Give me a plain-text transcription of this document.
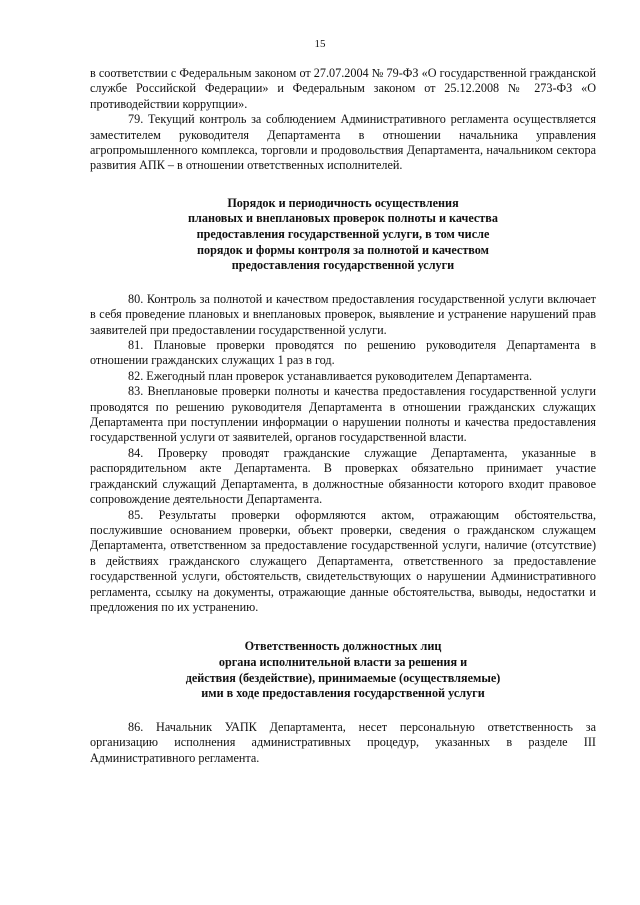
15

в соответствии с Федеральным законом от 27.07.2004 № 79-ФЗ «О государственной гражданской службе Российской Федерации» и Федеральным законом от 25.12.2008 № 273-ФЗ «О противодействии коррупции».

79. Текущий контроль за соблюдением Административного регламента осуществляется заместителем руководителя Департамента в отношении начальника управления агропромышленного комплекса, торговли и продовольствия Департамента, начальником сектора развития АПК – в отношении ответственных исполнителей.

Порядок и периодичность осуществления
плановых и внеплановых проверок полноты и качества
предоставления государственной услуги, в том числе
порядок и формы контроля за полнотой и качеством
предоставления государственной услуги

80. Контроль за полнотой и качеством предоставления государственной услуги включает в себя проведение плановых и внеплановых проверок, выявление и устранение нарушений прав заявителей при предоставлении государственной услуги.

81. Плановые проверки проводятся по решению руководителя Департамента в отношении гражданских служащих 1 раз в год.

82. Ежегодный план проверок устанавливается руководителем Департамента.

83. Внеплановые проверки полноты и качества предоставления государственной услуги проводятся по решению руководителя Департамента в отношении гражданских служащих Департамента при поступлении информации о нарушении полноты и качества предоставления государственной услуги от заявителей, органов государственной власти.

84. Проверку проводят гражданские служащие Департамента, указанные в распорядительном акте Департамента. В проверках обязательно принимает участие гражданский служащий Департамента, в должностные обязанности которого входит правовое сопровождение деятельности Департамента.

85. Результаты проверки оформляются актом, отражающим обстоятельства, послужившие основанием проверки, объект проверки, сведения о гражданском служащем Департамента, ответственном за предоставление государственной услуги, наличие (отсутствие) в действиях гражданского служащего Департамента, ответственного за предоставление государственной услуги, обстоятельств, свидетельствующих о нарушении Административного регламента, ссылку на документы, отражающие данные обстоятельства, выводы, недостатки и предложения по их устранению.

Ответственность должностных лиц
органа исполнительной власти за решения и
действия (бездействие), принимаемые (осуществляемые)
ими в ходе предоставления государственной услуги

86. Начальник УАПК Департамента, несет персональную ответственность за организацию исполнения административных процедур, указанных в разделе III Административного регламента.
